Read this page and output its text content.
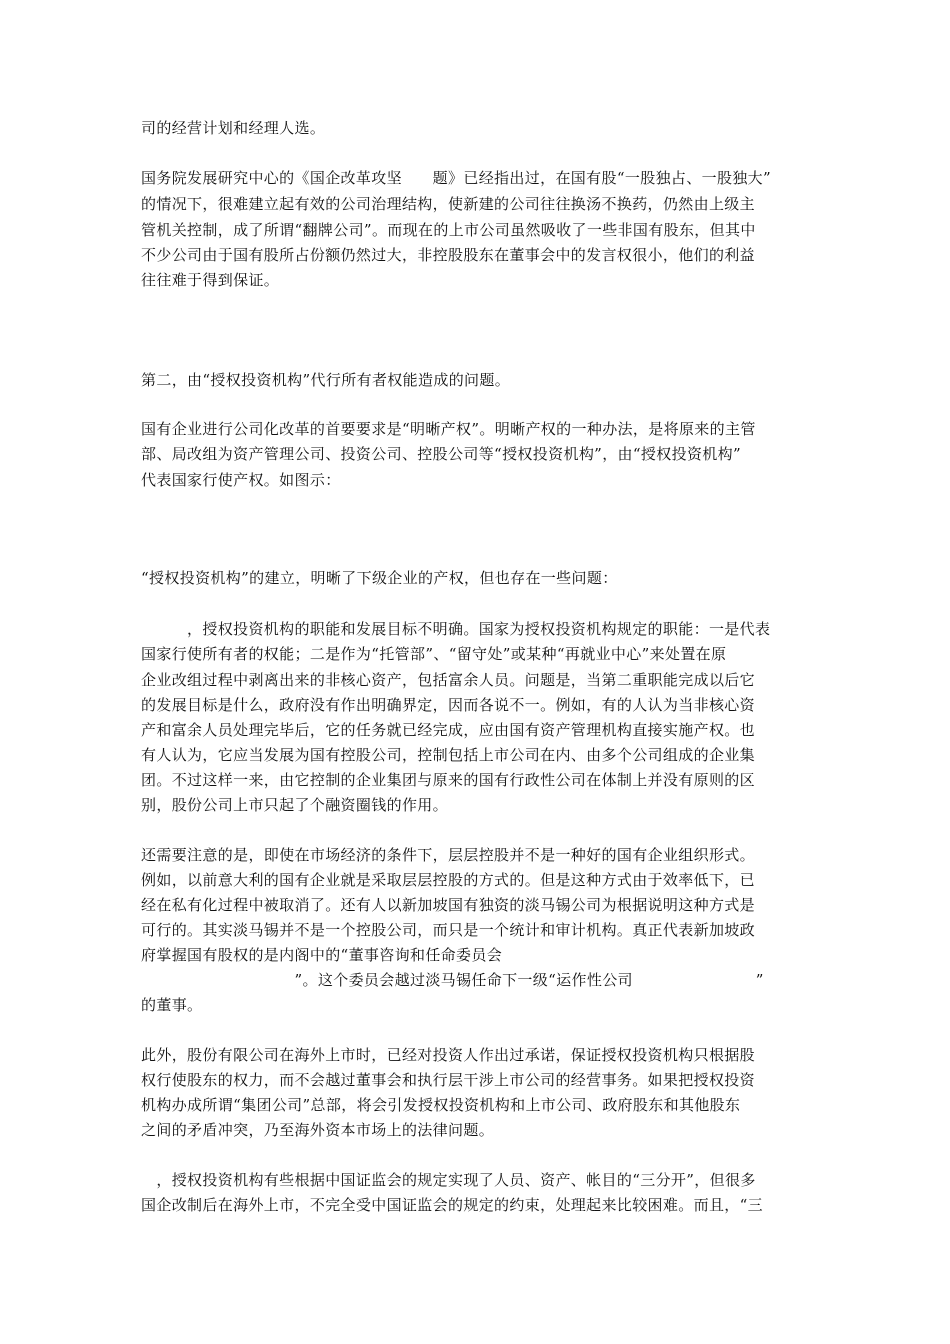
司的经营计划和经理人选。
国务院发展研究中心的《国企改革攻坚　　题》已经指出过，在国有股“一股独占、一股独大”
的情况下，很难建立起有效的公司治理结构，使新建的公司往往换汤不换药，仍然由上级主
管机关控制，成了所谓“翻牌公司”。而现在的上市公司虽然吸收了一些非国有股东，但其中
不少公司由于国有股所占份额仍然过大，非控股股东在董事会中的发言权很小，他们的利益
往往难于得到保证。
第二，由“授权投资机构”代行所有者权能造成的问题。
国有企业进行公司化改革的首要要求是“明晰产权”。明晰产权的一种办法，是将原来的主管
部、局改组为资产管理公司、投资公司、控股公司等“授权投资机构”，由“授权投资机构”
代表国家行使产权。如图示：
“授权投资机构”的建立，明晰了下级企业的产权，但也存在一些问题：
　　　，授权投资机构的职能和发展目标不明确。国家为授权投资机构规定的职能：一是代表
国家行使所有者的权能；二是作为“托管部”、“留守处”或某种“再就业中心”来处置在原
企业改组过程中剥离出来的非核心资产，包括富余人员。问题是，当第二重职能完成以后它
的发展目标是什么，政府没有作出明确界定，因而各说不一。例如，有的人认为当非核心资
产和富余人员处理完毕后，它的任务就已经完成，应由国有资产管理机构直接实施产权。也
有人认为，它应当发展为国有控股公司，控制包括上市公司在内、由多个公司组成的企业集
团。不过这样一来，由它控制的企业集团与原来的国有行政性公司在体制上并没有原则的区
别，股份公司上市只起了个融资圈钱的作用。
还需要注意的是，即使在市场经济的条件下，层层控股并不是一种好的国有企业组织形式。
例如，以前意大利的国有企业就是采取层层控股的方式的。但是这种方式由于效率低下，已
经在私有化过程中被取消了。还有人以新加坡国有独资的淡马锡公司为根据说明这种方式是
可行的。其实淡马锡并不是一个控股公司，而只是一个统计和审计机构。真正代表新加坡政
府掌握国有股权的是内阁中的“董事咨询和任命委员会
　　　　　　　　　　”。这个委员会越过淡马锡任命下一级“运作性公司　　　　　　　　”
的董事。
此外，股份有限公司在海外上市时，已经对投资人作出过承诺，保证授权投资机构只根据股
权行使股东的权力，而不会越过董事会和执行层干涉上市公司的经营事务。如果把授权投资
机构办成所谓“集团公司”总部，将会引发授权投资机构和上市公司、政府股东和其他股东
之间的矛盾冲突，乃至海外资本市场上的法律问题。
　，授权投资机构有些根据中国证监会的规定实现了人员、资产、帐目的“三分开”，但很多
国企改制后在海外上市，不完全受中国证监会的规定的约束，处理起来比较困难。而且，“三
